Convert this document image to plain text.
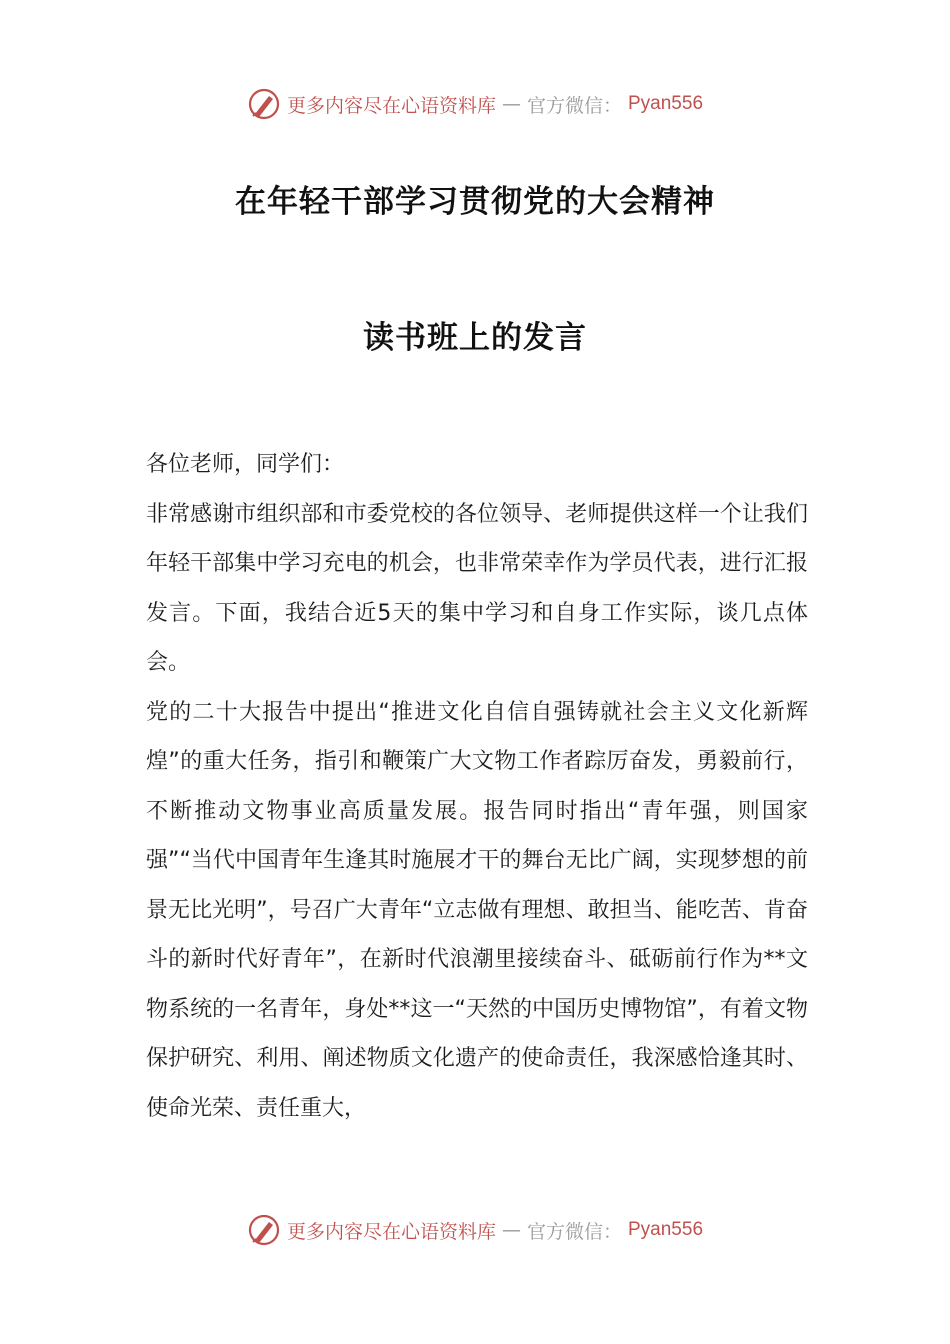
更多内容尽在心语资料库 — 官方微信： Pyan556
在年轻干部学习贯彻党的大会精神
读书班上的发言

各位老师，同学们：

非常感谢市组织部和市委党校的各位领导、老师提供这样一个让我们年轻干部集中学习充电的机会，也非常荣幸作为学员代表，进行汇报发言。下面，我结合近5天的集中学习和自身工作实际，谈几点体会。

党的二十大报告中提出“推进文化自信自强铸就社会主义文化新辉煌”的重大任务，指引和鞭策广大文物工作者踪厉奋发，勇毅前行，不断推动文物事业高质量发展。报告同时指出“青年强，则国家强”“当代中国青年生逢其时施展才干的舞台无比广阔，实现梦想的前景无比光明”，号召广大青年“立志做有理想、敢担当、能吃苦、肯奋斗的新时代好青年”，在新时代浪潮里接续奋斗、砥砺前行作为**文物系统的一名青年，身处**这一“天然的中国历史博物馆”，有着文物保护研究、利用、阐述物质文化遗产的使命责任，我深感恰逢其时、使命光荣、责任重大，

更多内容尽在心语资料库 — 官方微信： Pyan556
